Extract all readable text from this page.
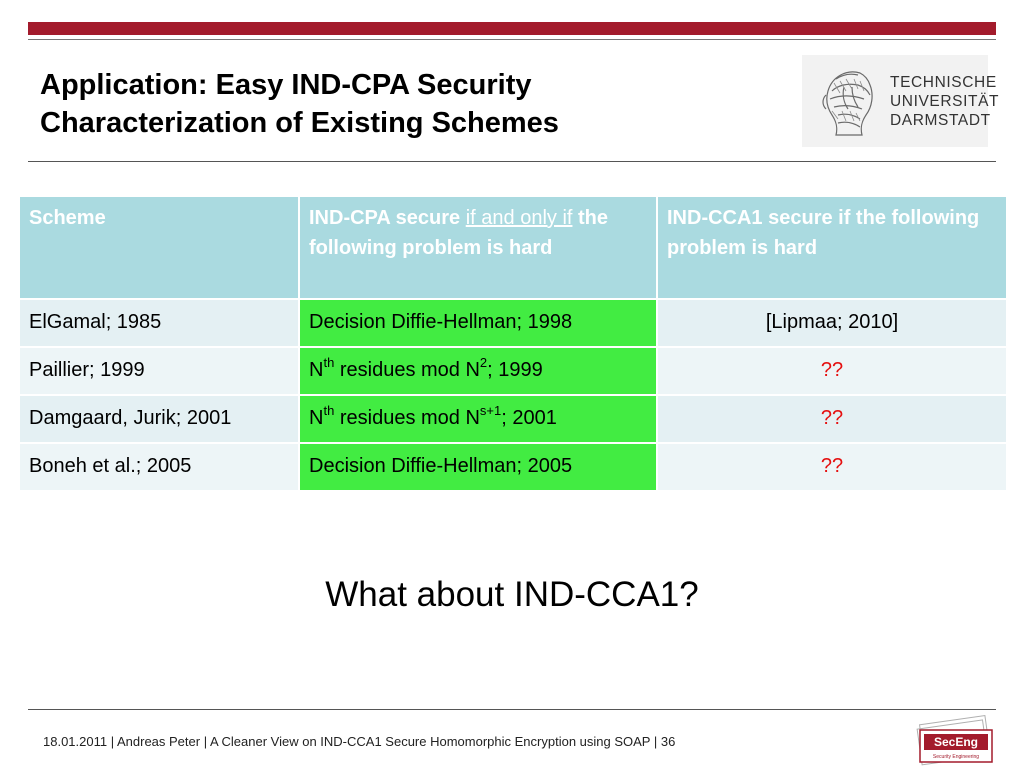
Application: Easy IND-CPA Security
Characterization of Existing Schemes
TECHNISCHE
UNIVERSITÄT
DARMSTADT
Scheme	IND-CPA secure if and only if the following problem is hard	IND-CCA1 secure if the following problem is hard
ElGamal; 1985	Decision Diffie-Hellman; 1998	[Lipmaa; 2010]
Paillier; 1999	$N^{th}$ residues mod $N^2$; 1999	??
Damgaard, Jurik; 2001	$N^{th}$ residues mod $N^{s+1}$; 2001	??
Boneh et al.; 2005	Decision Diffie-Hellman; 2005	??
What about IND-CCA1?
18.01.2011 | Andreas Peter | A Cleaner View on IND-CCA1 Secure Homomorphic Encryption using SOAP | 36	SecEng
Security Engineering
